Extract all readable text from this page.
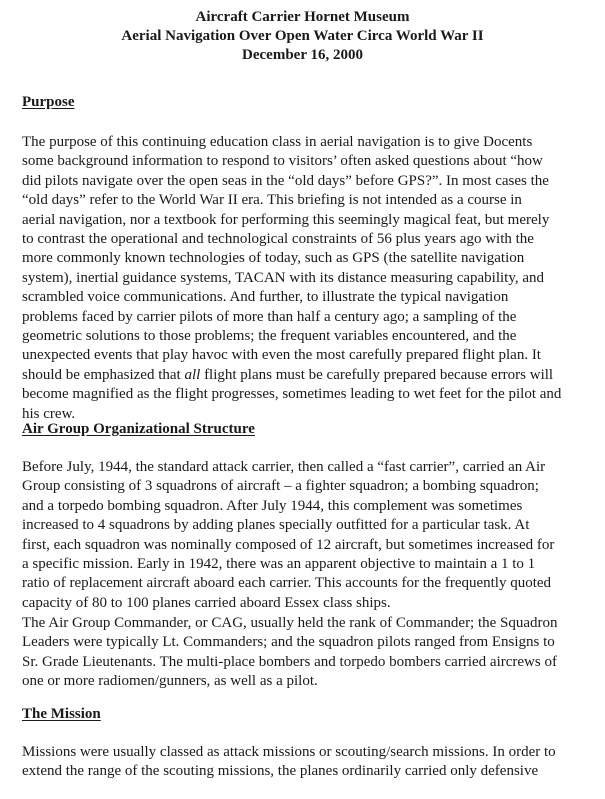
Aircraft Carrier Hornet Museum
Aerial Navigation Over Open Water Circa World War II
December 16, 2000
Purpose
The purpose of this continuing education class in aerial navigation is to give Docents
some background information to respond to visitors’ often asked questions about “how
did pilots navigate over the open seas in the “old days” before GPS?”. In most cases the
“old days” refer to the World War II era. This briefing is not intended as a course in
aerial navigation, nor a textbook for performing this seemingly magical feat, but merely
to contrast the operational and technological constraints of 56 plus years ago with the
more commonly known technologies of today, such as GPS (the satellite navigation
system), inertial guidance systems, TACAN with its distance measuring capability, and
scrambled voice communications. And further, to illustrate the typical navigation
problems faced by carrier pilots of more than half a century ago; a sampling of the
geometric solutions to those problems; the frequent variables encountered, and the
unexpected events that play havoc with even the most carefully prepared flight plan. It
should be emphasized that all flight plans must be carefully prepared because errors will
become magnified as the flight progresses, sometimes leading to wet feet for the pilot and
his crew.
Air Group Organizational Structure
Before July, 1944, the standard attack carrier, then called a “fast carrier”, carried an Air
Group consisting of 3 squadrons of aircraft – a fighter squadron; a bombing squadron;
and a torpedo bombing squadron. After July 1944, this complement was sometimes
increased to 4 squadrons by adding planes specially outfitted for a particular task. At
first, each squadron was nominally composed of 12 aircraft, but sometimes increased for
a specific mission. Early in 1942, there was an apparent objective to maintain a 1 to 1
ratio of replacement aircraft aboard each carrier. This accounts for the frequently quoted
capacity of 80 to 100 planes carried aboard Essex class ships.
The Air Group Commander, or CAG, usually held the rank of Commander; the Squadron
Leaders were typically Lt. Commanders; and the squadron pilots ranged from Ensigns to
Sr. Grade Lieutenants. The multi-place bombers and torpedo bombers carried aircrews of
one or more radiomen/gunners, as well as a pilot.
The Mission
Missions were usually classed as attack missions or scouting/search missions. In order to
extend the range of the scouting missions, the planes ordinarily carried only defensive
